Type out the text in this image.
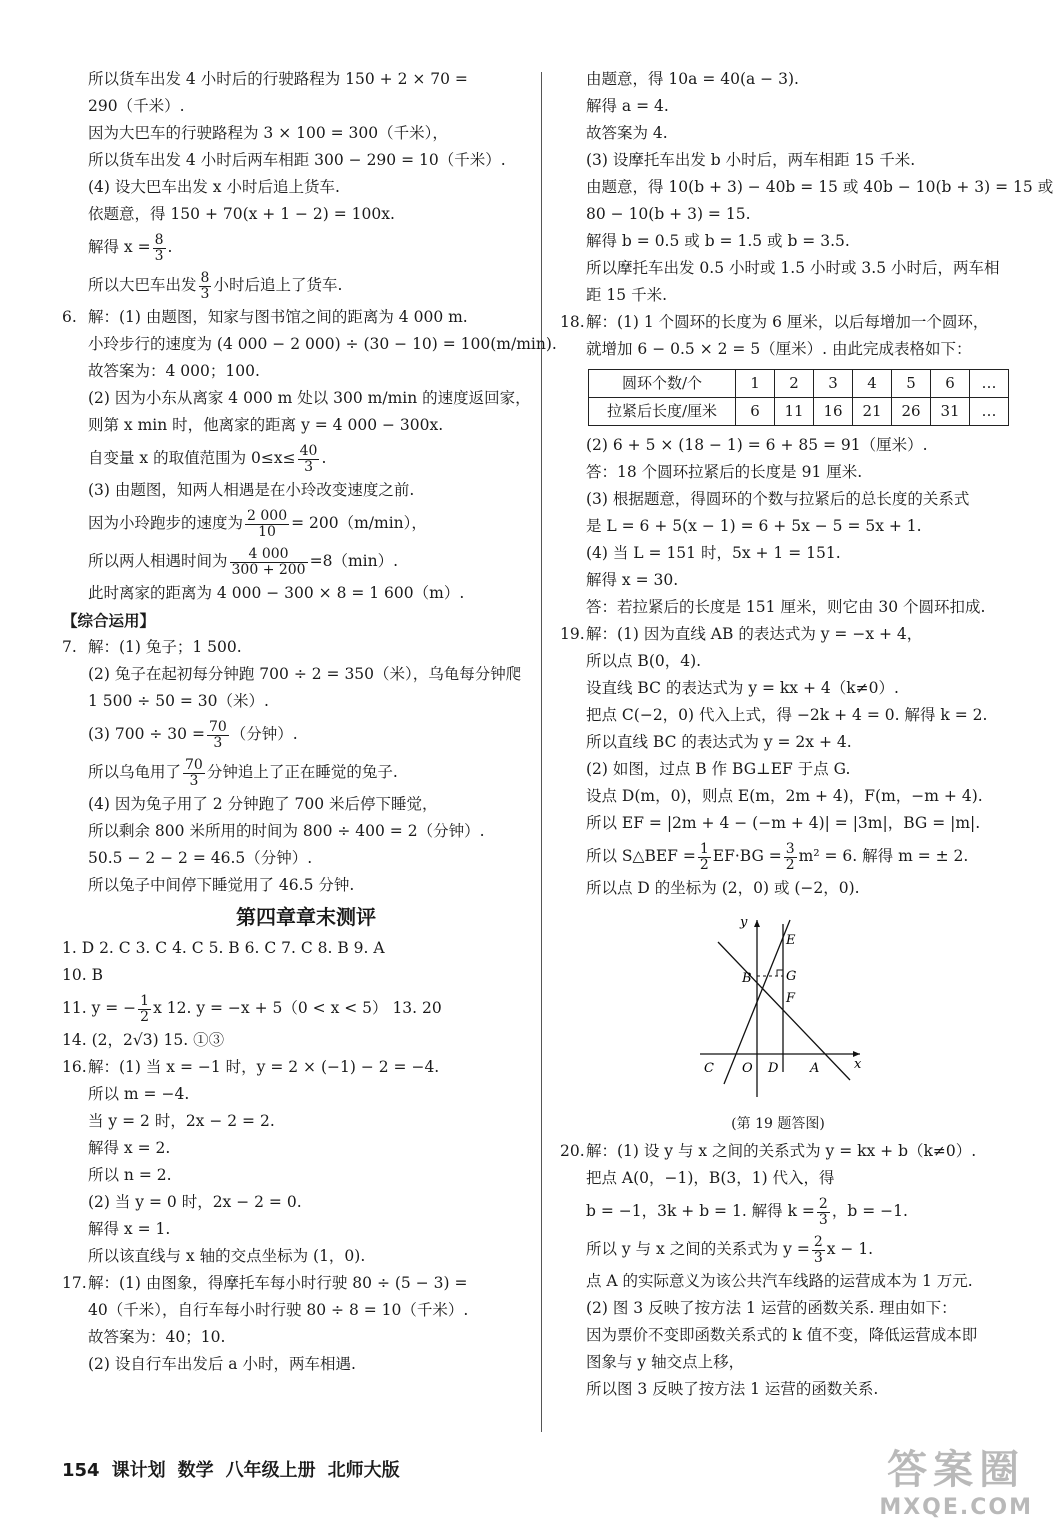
所以货车出发 4 小时后的行驶路程为 150 + 2 × 70 =
290（千米）.
因为大巴车的行驶路程为 3 × 100 = 300（千米），
所以货车出发 4 小时后两车相距 300 − 290 = 10（千米）.
(4) 设大巴车出发 x 小时后追上货车.
依题意，得 150 + 70(x + 1 − 2) = 100x.
解得 $x = \frac{8}{3}$ .
所以大巴车出发 $\frac{8}{3}$ 小时后追上了货车.
6. 解：(1) 由题图，知家与图书馆之间的距离为 4 000 m.
小玲步行的速度为 (4 000 − 2 000) ÷ (30 − 10) = 100(m/min).
故答案为：4 000；100.
(2) 因为小东从离家 4 000 m 处以 300 m/min 的速度返回家，
则第 x min 时，他离家的距离 y = 4 000 − 300x.
自变量 x 的取值范围为 $0\le x\le \frac{40}{3}$ .
(3) 由题图，知两人相遇是在小玲改变速度之前.
因为小玲跑步的速度为 $\frac{2 000}{10} = 200(m/\min)$，
所以两人相遇时间为 $\frac{4 000}{300 + 200} =8(\min)$.
此时离家的距离为 4 000 − 300 × 8 = 1 600（m）.
【综合运用】
7. 解：(1) 兔子；1 500.
(2) 兔子在起初每分钟跑 700 ÷ 2 = 350（米），乌龟每分钟爬
1 500 ÷ 50 = 30（米）.
(3) $700 \div 30 = \frac{70}{3}$ （分钟）.
所以乌龟用了 $\frac{70}{3}$ 分钟追上了正在睡觉的兔子.
(4) 因为兔子用了 2 分钟跑了 700 米后停下睡觉，
所以剩余 800 米所用的时间为 800 ÷ 400 = 2（分钟）.
50.5 − 2 − 2 = 46.5（分钟）.
所以兔子中间停下睡觉用了 46.5 分钟.
第四章章末测评
1. D 2. C 3. C 4. C 5. B 6. C 7. C 8. B 9. A
10. B
11. y = − $\frac{1}{2}$ x 12. y = −x + 5（0 < x < 5） 13. 20
14. (2，2√3) 15. ①③
16.解：(1) 当 x = −1 时，y = 2 × (−1) − 2 = −4.
所以 m = −4.
当 y = 2 时，2x − 2 = 2.
解得 x = 2.
所以 n = 2.
(2) 当 y = 0 时，2x − 2 = 0.
解得 x = 1.
所以该直线与 x 轴的交点坐标为 (1，0).
17.解：(1) 由图象，得摩托车每小时行驶 80 ÷ (5 − 3) =
40（千米），自行车每小时行驶 80 ÷ 8 = 10（千米）.
故答案为：40；10.
(2) 设自行车出发后 a 小时，两车相遇.
由题意，得 10a = 40(a − 3).
解得 a = 4.
故答案为 4.
(3) 设摩托车出发 b 小时后，两车相距 15 千米.
由题意，得 10(b + 3) − 40b = 15 或 40b − 10(b + 3) = 15 或
80 − 10(b + 3) = 15.
解得 b = 0.5 或 b = 1.5 或 b = 3.5.
所以摩托车出发 0.5 小时或 1.5 小时或 3.5 小时后，两车相
距 15 千米.
18.解：(1) 1 个圆环的长度为 6 厘米，以后每增加一个圆环，
就增加 6 − 0.5 × 2 = 5（厘米）. 由此完成表格如下：
圆环个数/个	1	2	3	4	5	6	…
拉紧后长度/厘米	6	11	16	21	26	31	…
(2) 6 + 5 × (18 − 1) = 6 + 85 = 91（厘米）.
答：18 个圆环拉紧后的长度是 91 厘米.
(3) 根据题意，得圆环的个数与拉紧后的总长度的关系式
是 L = 6 + 5(x − 1) = 6 + 5x − 5 = 5x + 1.
(4) 当 L = 151 时，5x + 1 = 151.
解得 x = 30.
答：若拉紧后的长度是 151 厘米，则它由 30 个圆环扣成.
19.解：(1) 因为直线 AB 的表达式为 y = −x + 4，
所以点 B(0，4).
设直线 BC 的表达式为 y = kx + 4（k≠0）.
把点 C(−2，0) 代入上式，得 −2k + 4 = 0. 解得 k = 2.
所以直线 BC 的表达式为 y = 2x + 4.
(2) 如图，过点 B 作 BG⊥EF 于点 G.
设点 D(m，0)，则点 E(m，2m + 4)，F(m，−m + 4).
所以 EF = |2m + 4 − (−m + 4)| = |3m|，BG = |m|.
所以 S△BEF = $\frac{1}{2} EF\cdot BG = \frac{3}{2} m^2 = 6$. 解得 m = ± 2.
所以点 D 的坐标为 (2，0) 或 (−2，0).
y
x
E
B	G
F
C O D A
(第 19 题答图)
20.解：(1) 设 y 与 x 之间的关系式为 y = kx + b（k≠0）.
把点 A(0，−1)，B(3，1) 代入，得
b = −1，3k + b = 1. 解得 $k = \frac{2}{3}$ ，b = −1.
所以 y 与 x 之间的关系式为 $y = \frac{2}{3}$ x − 1.
点 A 的实际意义为该公共汽车线路的运营成本为 1 万元.
(2) 图 3 反映了按方法 1 运营的函数关系. 理由如下：
因为票价不变即函数关系式的 k 值不变，降低运营成本即
图象与 y 轴交点上移，
所以图 3 反映了按方法 1 运营的函数关系.
154 课计划 数学 八年级上册 北师大版	答案圈
MXQE.COM
